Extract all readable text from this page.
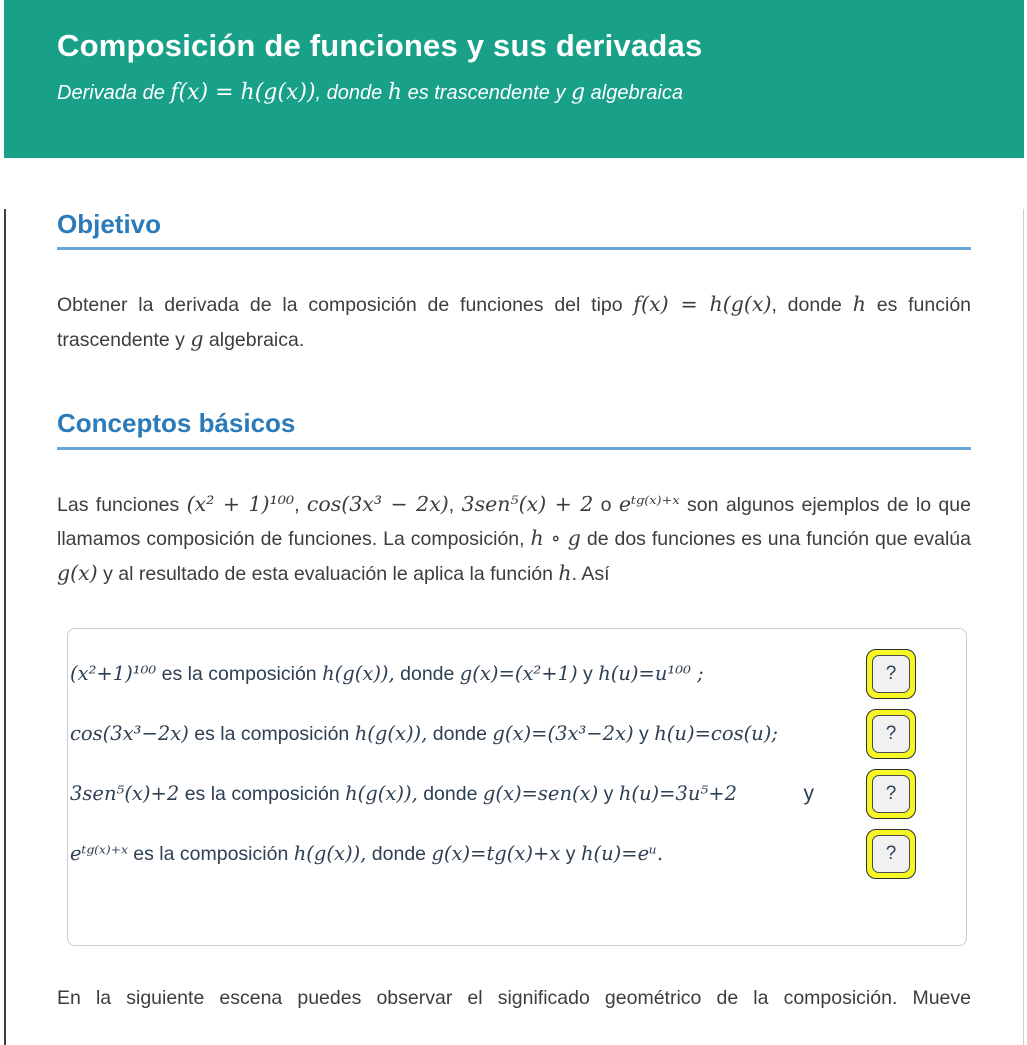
Composición de funciones y sus derivadas

Derivada de f(x) = h(g(x)), donde h es trascendente y g algebraica

Objetivo

Obtener la derivada de la composición de funciones del tipo f(x) = h(g(x), donde h es función trascendente y g algebraica.

Conceptos básicos

Las funciones (x² + 1)¹⁰⁰, cos(3x³ − 2x), 3sen⁵(x) + 2 o eᵗᵍ⁽ˣ⁾⁺ˣ son algunos ejemplos de lo que llamamos composición de funciones. La composición, h ∘ g de dos funciones es una función que evalúa g(x) y al resultado de esta evaluación le aplica la función h. Así

(x²+1)¹⁰⁰ es la composición h(g(x)), donde g(x)=(x²+1) y h(u)=u¹⁰⁰ ;	?
cos(3x³−2x) es la composición h(g(x)), donde g(x)=(3x³−2x) y h(u)=cos(u);	?
3sen⁵(x)+2 es la composición h(g(x)), donde g(x)=sen(x) y h(u)=3u⁵+2	y	?
eᵗᵍ⁽ˣ⁾⁺ˣ es la composición h(g(x)), donde g(x)=tg(x)+x y h(u)=eᵘ.	?

En la siguiente escena puedes observar el significado geométrico de la composición. Mueve
